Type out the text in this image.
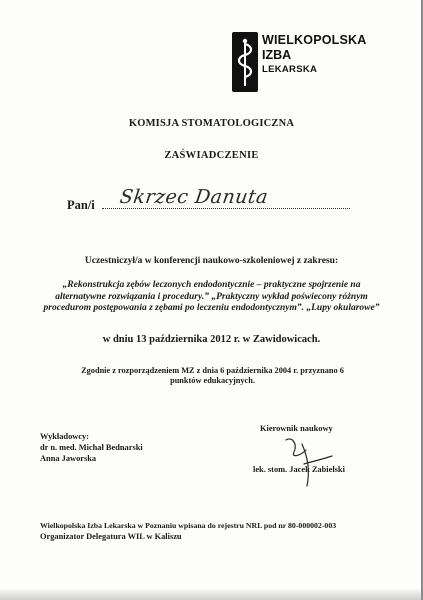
WIELKOPOLSKA
IZBA
LEKARSKA
KOMISJA STOMATOLOGICZNA
ZAŚWIADCZENIE
Pan/i Skrzec Danuta
Uczestniczył/a w konferencji naukowo-szkoleniowej z zakresu:
„Rekonstrukcja zębów leczonych endodontycznie – praktyczne spojrzenie na alternatywne rozwiązania i procedury.” „Praktyczny wykład poświecony różnym procedurom postępowania z zębami po leczeniu endodontycznym”. „Lupy okularowe”
w dniu 13 października 2012 r. w Zawidowicach.
Zgodnie z rozporządzeniem MZ z dnia 6 października 2004 r. przyznano 6 punktów edukacyjnych.
Wykładowcy:
dr n. med. Michał Bednarski
Anna Jaworska
Kierownik naukowy
lek. stom. Jacek Zabielski
Wielkopolska Izba Lekarska w Poznaniu wpisana do rejestru NRL pod nr 80-000002-003
Organizator Delegatura WIL w Kaliszu
